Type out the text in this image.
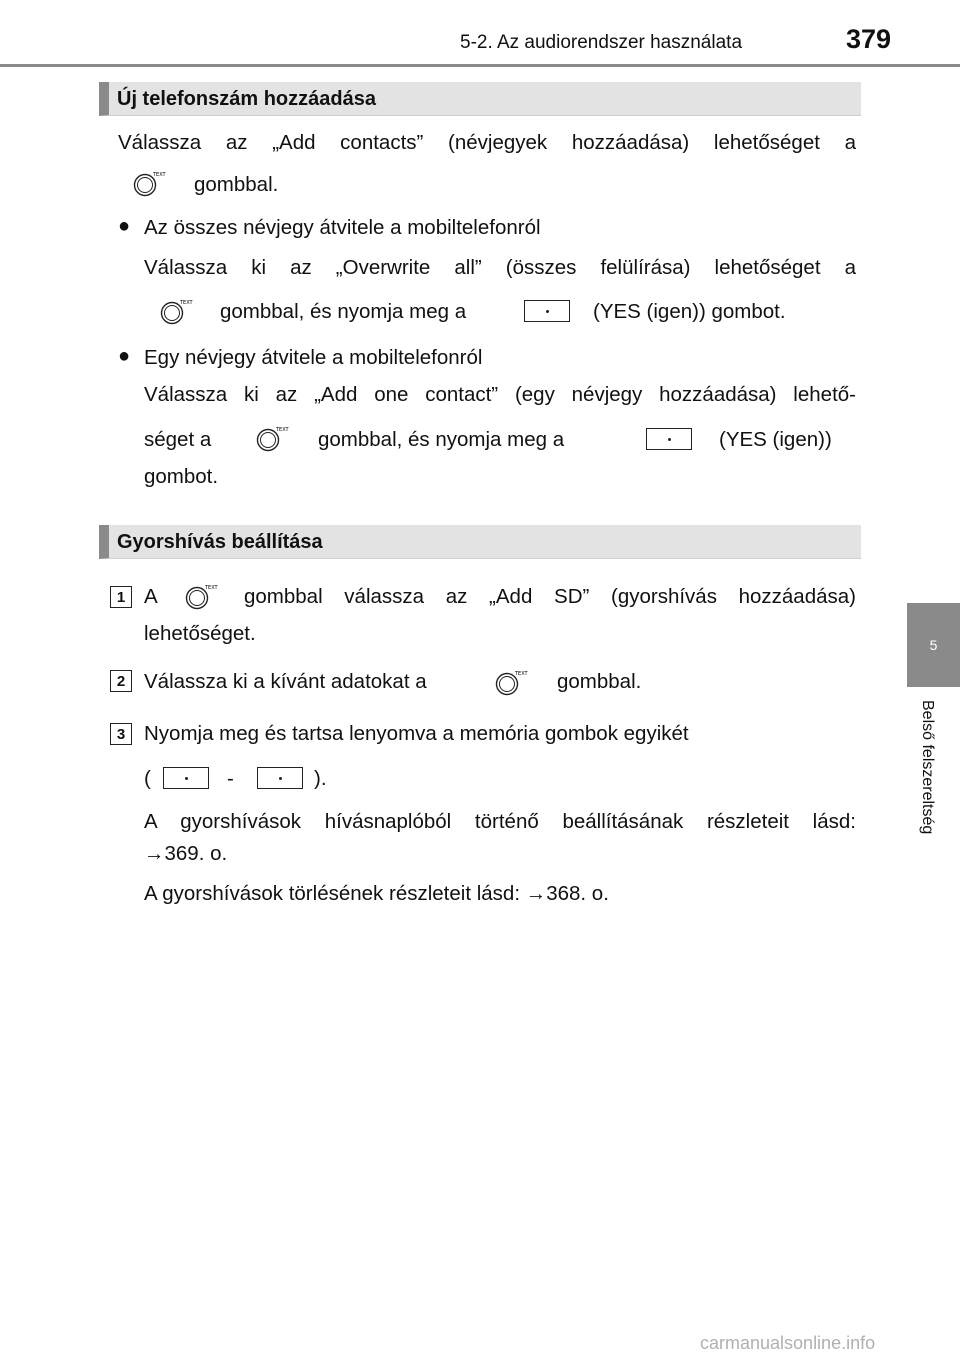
5-2. Az audiorendszer használata	379
5
Belső felszereltség
Új telefonszám hozzáadása
Válassza az „Add contacts” (névjegyek hozzáadása) lehetőséget a
TEXT gombbal.
● Az összes névjegy átvitele a mobiltelefonról
Válassza ki az „Overwrite all” (összes felülírása) lehetőséget a
TEXT gombbal, és nyomja meg a	(YES (igen)) gombot.
● Egy névjegy átvitele a mobiltelefonról
Válassza ki az „Add one contact” (egy névjegy hozzáadása) lehető-
séget a	TEXT gombbal, és nyomja meg a	(YES (igen))
gombot.
Gyorshívás beállítása
1 A	TEXT gombbal válassza az „Add SD” (gyorshívás hozzáadása)
lehetőséget.
2 Válassza ki a kívánt adatokat a	TEXT gombbal.
3 Nyomja meg és tartsa lenyomva a memória gombok egyikét
(	-	).
A gyorshívások hívásnaplóból történő beállításának részleteit lásd:
→369. o.
A gyorshívások törlésének részleteit lásd: →368. o.
carmanualsonline.info
